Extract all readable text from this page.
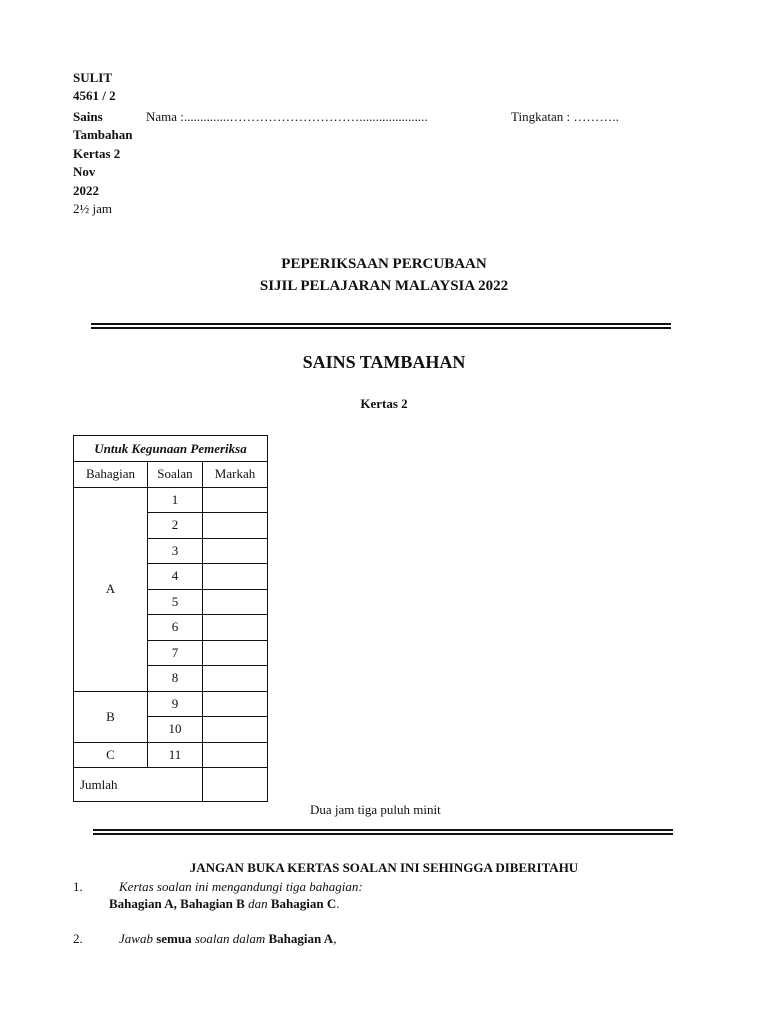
SULIT
4561 / 2
Sains
Tambahan
Kertas 2
Nov
2022
2½ jam
Nama :..............………………………….....................	Tingkatan : ………..
PEPERIKSAAN PERCUBAAN
SIJIL PELAJARAN MALAYSIA 2022
SAINS TAMBAHAN
Kertas 2
Untuk Kegunaan Pemeriksa		
Bahagian	Soalan	Markah
A	1	
	2	
	3	
	4	
	5	
	6	
	7	
	8	
B	9	
	10	
C	11	
Jumlah		
Dua jam tiga puluh minit
JANGAN BUKA KERTAS SOALAN INI SEHINGGA DIBERITAHU
1.	Kertas soalan ini mengandungi tiga bahagian:
Bahagian A, Bahagian B dan Bahagian C.
2.	Jawab semua soalan dalam Bahagian A,
